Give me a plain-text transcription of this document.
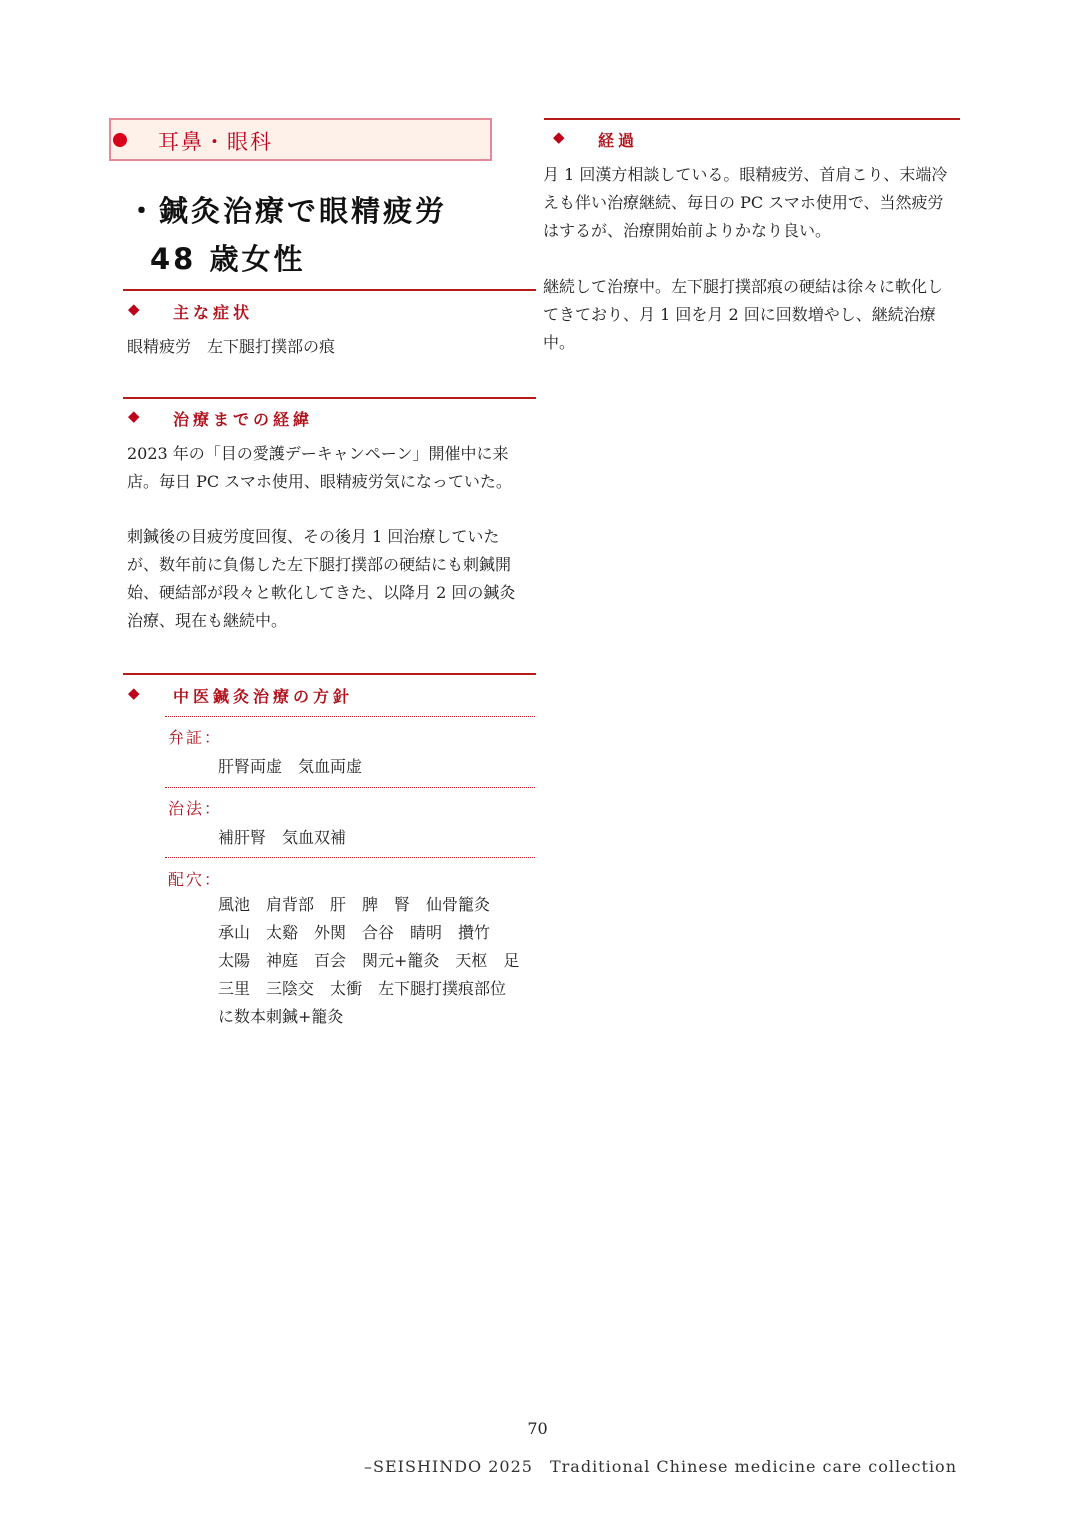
耳鼻・眼科
・鍼灸治療で眼精疲労
48 歳女性
◆ 主な症状
眼精疲労　左下腿打撲部の痕
◆ 治療までの経緯

2023 年の「目の愛護デーキャンペーン」開催中に来店。毎日 PC スマホ使用、眼精疲労気になっていた。

刺鍼後の目疲労度回復、その後月 1 回治療していたが、数年前に負傷した左下腿打撲部の硬結にも刺鍼開始、硬結部が段々と軟化してきた、以降月 2 回の鍼灸治療、現在も継続中。

◆ 中医鍼灸治療の方針
弁証：
肝腎両虚　気血両虚
治法：
補肝腎　気血双補
配穴：

風池　肩背部　肝　脾　腎　仙骨籠灸

承山　太谿　外関　合谷　睛明　攢竹

太陽　神庭　百会　関元+籠灸　天枢　足

三里　三陰交　太衝　左下腿打撲痕部位

に数本刺鍼+籠灸

◆ 経過

月 1 回漢方相談している。眼精疲労、首肩こり、末端冷えも伴い治療継続、毎日の PC スマホ使用で、当然疲労はするが、治療開始前よりかなり良い。

継続して治療中。左下腿打撲部痕の硬結は徐々に軟化してきており、月 1 回を月 2 回に回数増やし、継続治療中。

70
–SEISHINDO 2025　Traditional Chinese medicine care collection
